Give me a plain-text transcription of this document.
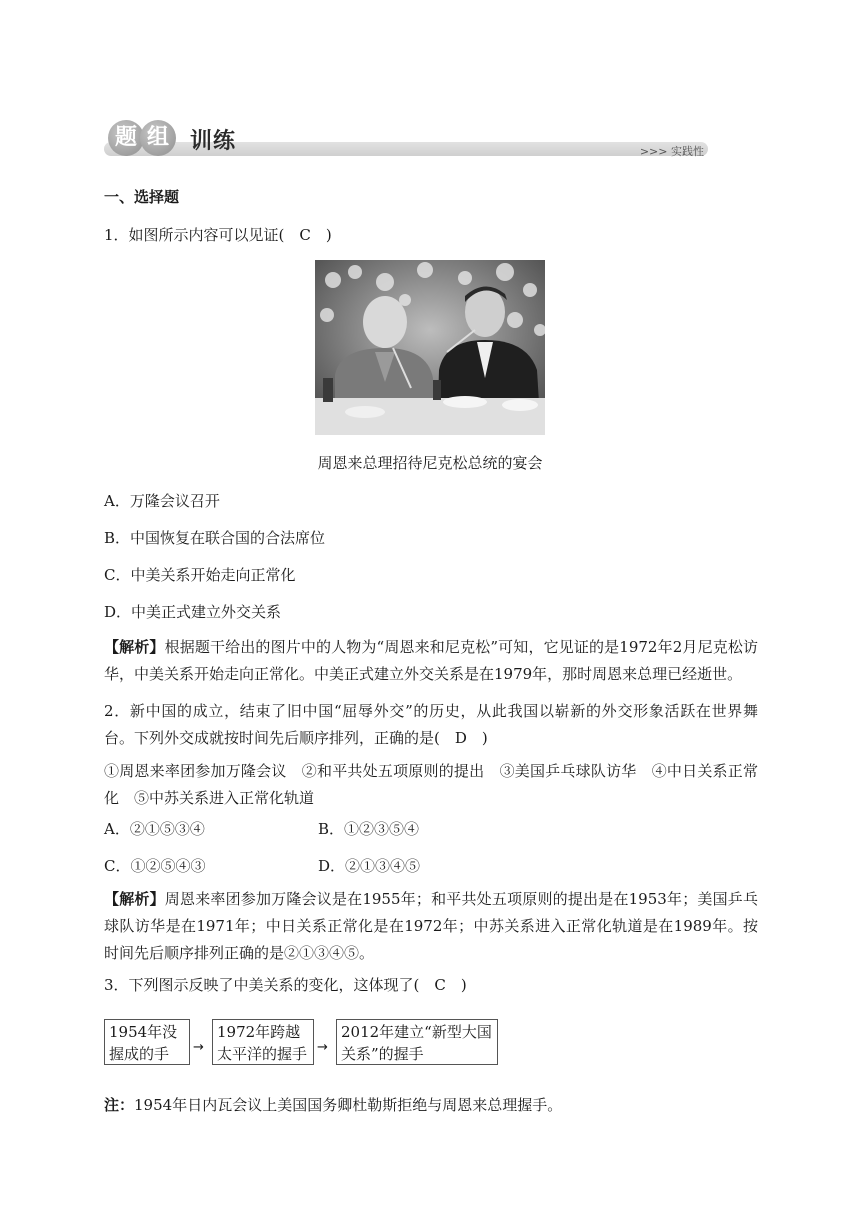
题 组 训练	>>> 实践性
一、选择题
1．如图所示内容可以见证(　C　)
周恩来总理招待尼克松总统的宴会
A．万隆会议召开
B．中国恢复在联合国的合法席位
C．中美关系开始走向正常化
D．中美正式建立外交关系
【解析】根据题干给出的图片中的人物为“周恩来和尼克松”可知，它见证的是1972年2月尼克松访华，中美关系开始走向正常化。中美正式建立外交关系是在1979年，那时周恩来总理已经逝世。
2．新中国的成立，结束了旧中国“屈辱外交”的历史，从此我国以崭新的外交形象活跃在世界舞台。下列外交成就按时间先后顺序排列，正确的是(　D　)
①周恩来率团参加万隆会议　②和平共处五项原则的提出　③美国乒乓球队访华　④中日关系正常化　⑤中苏关系进入正常化轨道
A．②①⑤③④	B．①②③⑤④
C．①②⑤④③	D．②①③④⑤
【解析】周恩来率团参加万隆会议是在1955年；和平共处五项原则的提出是在1953年；美国乒乓球队访华是在1971年；中日关系正常化是在1972年；中苏关系进入正常化轨道是在1989年。按时间先后顺序排列正确的是②①③④⑤。
3．下列图示反映了中美关系的变化，这体现了(　C　)
1954年没握成的手	→
1972年跨越太平洋的握手 →
2012年建立“新型大国关系”的握手
注：1954年日内瓦会议上美国国务卿杜勒斯拒绝与周恩来总理握手。
